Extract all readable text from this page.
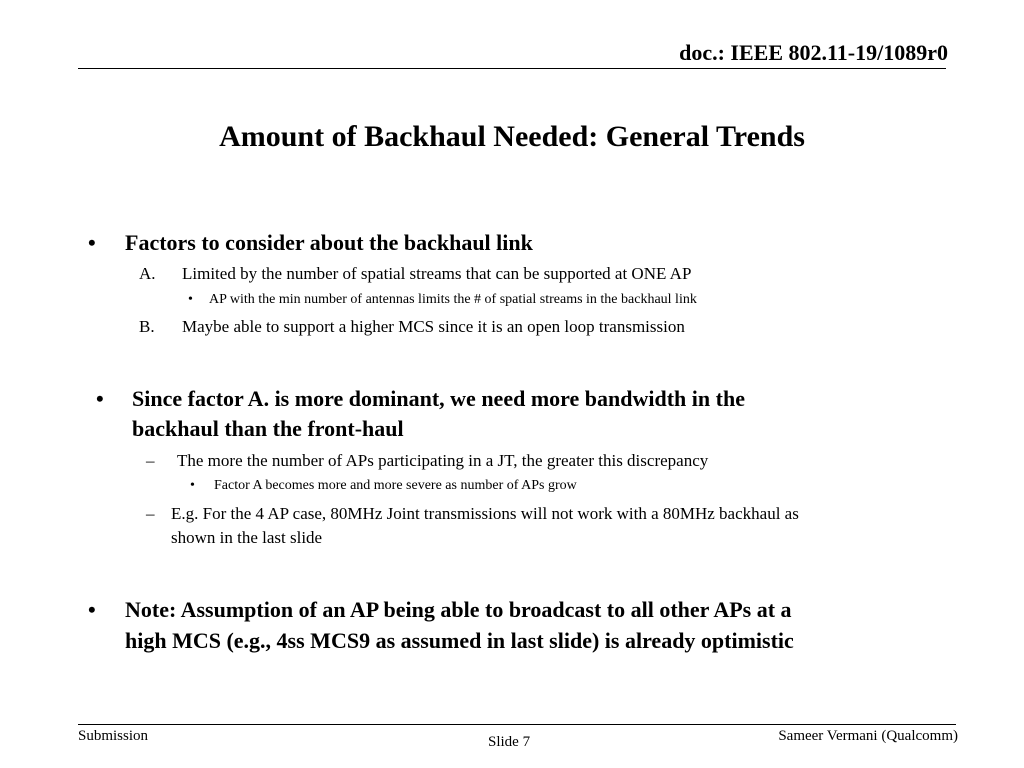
doc.: IEEE 802.11-19/1089r0
Amount of Backhaul Needed: General Trends
• Factors to consider about the backhaul link
A. Limited by the number of spatial streams that can be supported at ONE AP
• AP with the min number of antennas limits the # of spatial streams in the backhaul link
B. Maybe able to support a higher MCS since it is an open loop transmission
• Since factor A. is more dominant, we need more bandwidth in the
backhaul than the front-haul
– The more the number of APs participating in a JT, the greater this discrepancy
• Factor A becomes more and more severe as number of APs grow
– E.g. For the 4 AP case, 80MHz Joint transmissions will not work with a 80MHz backhaul as
shown in the last slide
• Note: Assumption of an AP being able to broadcast to all other APs at a
high MCS (e.g., 4ss MCS9 as assumed in last slide) is already optimistic
Submission	Slide 7	Sameer Vermani (Qualcomm)
